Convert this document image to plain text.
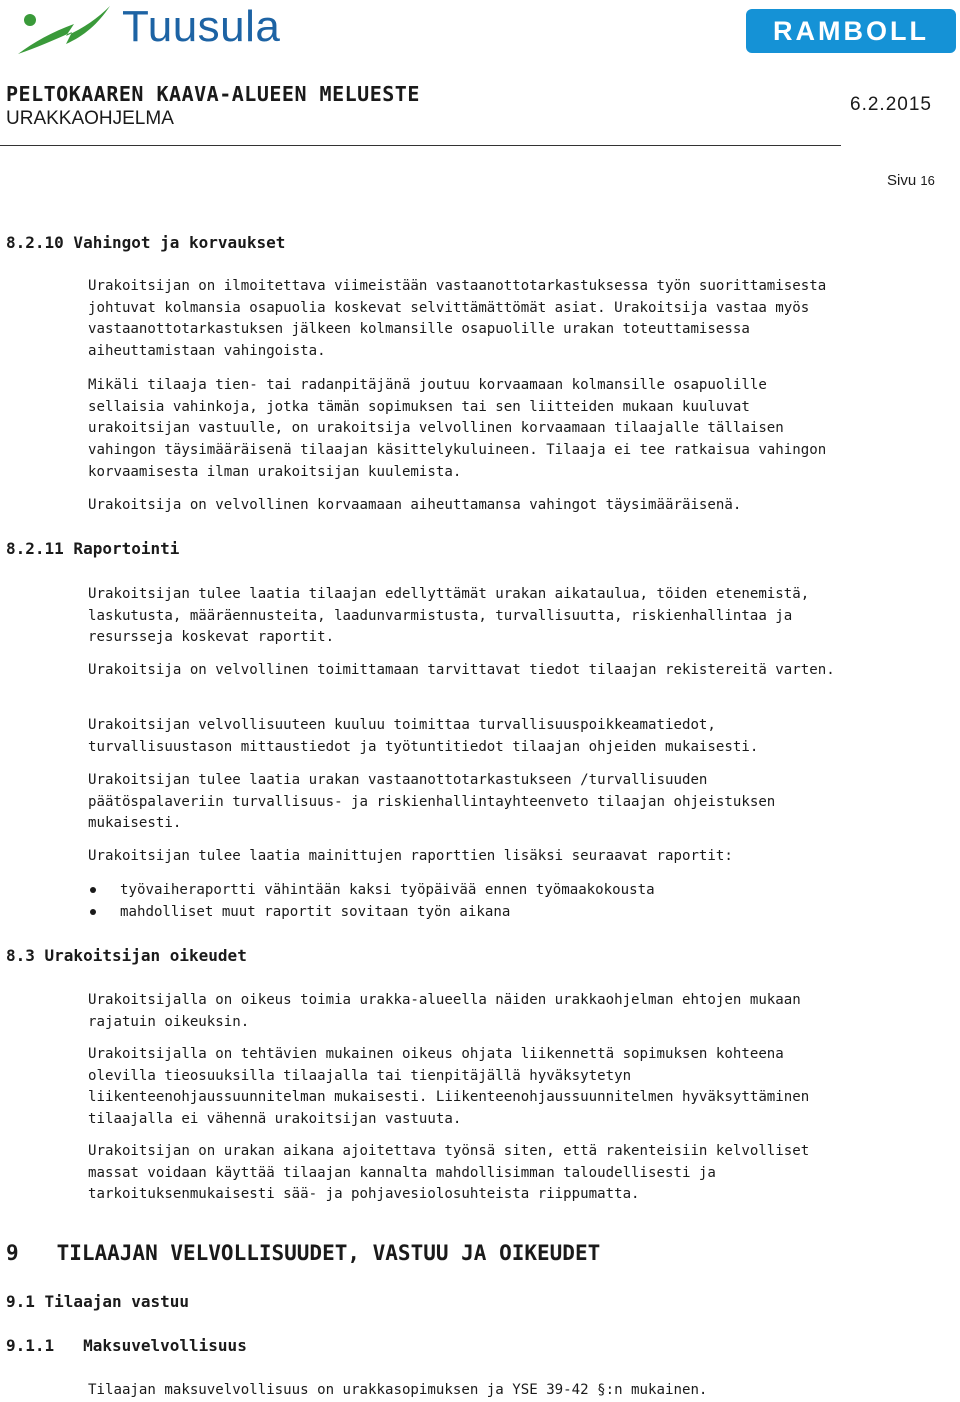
Tuusula	RAMBOLL
PELTOKAAREN KAAVA-ALUEEN MELUESTE
URAKKAOHJELMA
6.2.2015
Sivu 16
8.2.10 Vahingot ja korvaukset

Urakoitsijan on ilmoitettava viimeistään vastaanottotarkastuksessa työn suorittamisesta johtuvat kolmansia osapuolia koskevat selvittämättömät asiat. Urakoitsija vastaa myös vastaanottotarkastuksen jälkeen kolmansille osapuolille urakan toteuttamisessa aiheuttamistaan vahingoista.

Mikäli tilaaja tien- tai radanpitäjänä joutuu korvaamaan kolmansille osapuolille sellaisia vahinkoja, jotka tämän sopimuksen tai sen liitteiden mukaan kuuluvat urakoitsijan vastuulle, on urakoitsija velvollinen korvaamaan tilaajalle tällaisen vahingon täysimääräisenä tilaajan käsittelykuluineen. Tilaaja ei tee ratkaisua vahingon korvaamisesta ilman urakoitsijan kuulemista.

Urakoitsija on velvollinen korvaamaan aiheuttamansa vahingot täysimääräisenä.

8.2.11 Raportointi

Urakoitsijan tulee laatia tilaajan edellyttämät urakan aikataulua, töiden etenemistä, laskutusta, määräennusteita, laadunvarmistusta, turvallisuutta, riskienhallintaa ja resursseja koskevat raportit.

Urakoitsija on velvollinen toimittamaan tarvittavat tiedot tilaajan rekistereitä varten.

Urakoitsijan velvollisuuteen kuuluu toimittaa turvallisuuspoikkeamatiedot, turvallisuustason mittaustiedot ja työtuntitiedot tilaajan ohjeiden mukaisesti.

Urakoitsijan tulee laatia urakan vastaanottotarkastukseen /turvallisuuden päätöspalaveriin turvallisuus- ja riskienhallintayhteenveto tilaajan ohjeistuksen mukaisesti.

Urakoitsijan tulee laatia mainittujen raporttien lisäksi seuraavat raportit:

työvaiheraportti vähintään kaksi työpäivää ennen työmaakokousta
mahdolliset muut raportit sovitaan työn aikana
8.3 Urakoitsijan oikeudet

Urakoitsijalla on oikeus toimia urakka-alueella näiden urakkaohjelman ehtojen mukaan rajatuin oikeuksin.

Urakoitsijalla on tehtävien mukainen oikeus ohjata liikennettä sopimuksen kohteena olevilla tieosuuksilla tilaajalla tai tienpitäjällä hyväksytetyn liikenteenohjaussuunnitelman mukaisesti. Liikenteenohjaussuunnitelmen hyväksyttäminen tilaajalla ei vähennä urakoitsijan vastuuta.

Urakoitsijan on urakan aikana ajoitettava työnsä siten, että rakenteisiin kelvolliset massat voidaan käyttää tilaajan kannalta mahdollisimman taloudellisesti ja tarkoituksenmukaisesti sää- ja pohjavesiolosuhteista riippumatta.

9   TILAAJAN VELVOLLISUUDET, VASTUU JA OIKEUDET
9.1 Tilaajan vastuu
9.1.1   Maksuvelvollisuus

Tilaajan maksuvelvollisuus on urakkasopimuksen ja YSE 39-42 §:n mukainen.
